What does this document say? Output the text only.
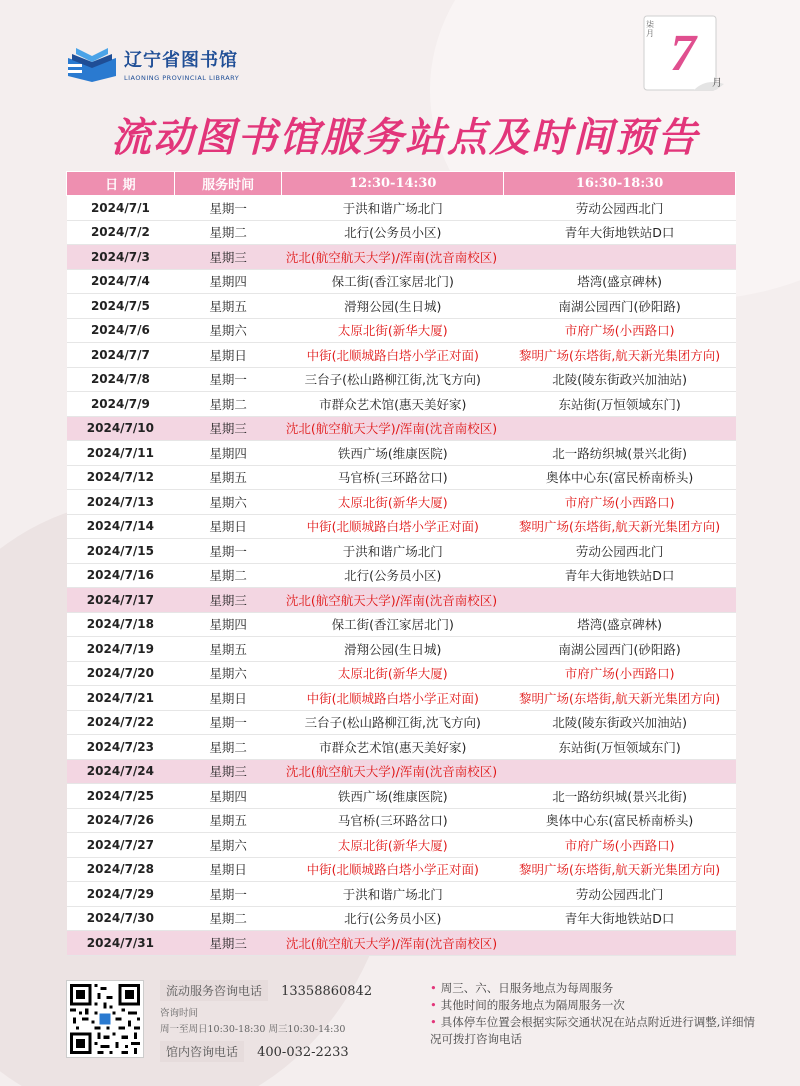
辽宁省图书馆
LIAONING PROVINCIAL LIBRARY
柒月 7
月
流动图书馆服务站点及时间预告
日 期	服务时间	12:30-14:30	16:30-18:30
2024/7/1	星期一	于洪和谐广场北门	劳动公园西北门
2024/7/2	星期二	北行(公务员小区)	青年大街地铁站D口
2024/7/3	星期三	沈北(航空航天大学)/浑南(沈音南校区)	
2024/7/4	星期四	保工街(香江家居北门)	塔湾(盛京碑林)
2024/7/5	星期五	滑翔公园(生日城)	南湖公园西门(砂阳路)
2024/7/6	星期六	太原北街(新华大厦)	市府广场(小西路口)
2024/7/7	星期日	中街(北顺城路白塔小学正对面)	黎明广场(东塔街,航天新光集团方向)
2024/7/8	星期一	三台子(松山路柳江街,沈飞方向)	北陵(陵东街政兴加油站)
2024/7/9	星期二	市群众艺术馆(惠天美好家)	东站街(万恒领域东门)
2024/7/10	星期三	沈北(航空航天大学)/浑南(沈音南校区)	
2024/7/11	星期四	铁西广场(维康医院)	北一路纺织城(景兴北街)
2024/7/12	星期五	马官桥(三环路岔口)	奥体中心东(富民桥南桥头)
2024/7/13	星期六	太原北街(新华大厦)	市府广场(小西路口)
2024/7/14	星期日	中街(北顺城路白塔小学正对面)	黎明广场(东塔街,航天新光集团方向)
2024/7/15	星期一	于洪和谐广场北门	劳动公园西北门
2024/7/16	星期二	北行(公务员小区)	青年大街地铁站D口
2024/7/17	星期三	沈北(航空航天大学)/浑南(沈音南校区)	
2024/7/18	星期四	保工街(香江家居北门)	塔湾(盛京碑林)
2024/7/19	星期五	滑翔公园(生日城)	南湖公园西门(砂阳路)
2024/7/20	星期六	太原北街(新华大厦)	市府广场(小西路口)
2024/7/21	星期日	中街(北顺城路白塔小学正对面)	黎明广场(东塔街,航天新光集团方向)
2024/7/22	星期一	三台子(松山路柳江街,沈飞方向)	北陵(陵东街政兴加油站)
2024/7/23	星期二	市群众艺术馆(惠天美好家)	东站街(万恒领域东门)
2024/7/24	星期三	沈北(航空航天大学)/浑南(沈音南校区)	
2024/7/25	星期四	铁西广场(维康医院)	北一路纺织城(景兴北街)
2024/7/26	星期五	马官桥(三环路岔口)	奥体中心东(富民桥南桥头)
2024/7/27	星期六	太原北街(新华大厦)	市府广场(小西路口)
2024/7/28	星期日	中街(北顺城路白塔小学正对面)	黎明广场(东塔街,航天新光集团方向)
2024/7/29	星期一	于洪和谐广场北门	劳动公园西北门
2024/7/30	星期二	北行(公务员小区)	青年大街地铁站D口
2024/7/31	星期三	沈北(航空航天大学)/浑南(沈音南校区)	
流动服务咨询电话 13358860842
咨询时间
周一至周日10:30-18:30 周三10:30-14:30
馆内咨询电话 400-032-2233
• 周三、六、日服务地点为每周服务
• 其他时间的服务地点为隔周服务一次
• 具体停车位置会根据实际交通状况在站点附近进行调整,详细情况可拨打咨询电话
